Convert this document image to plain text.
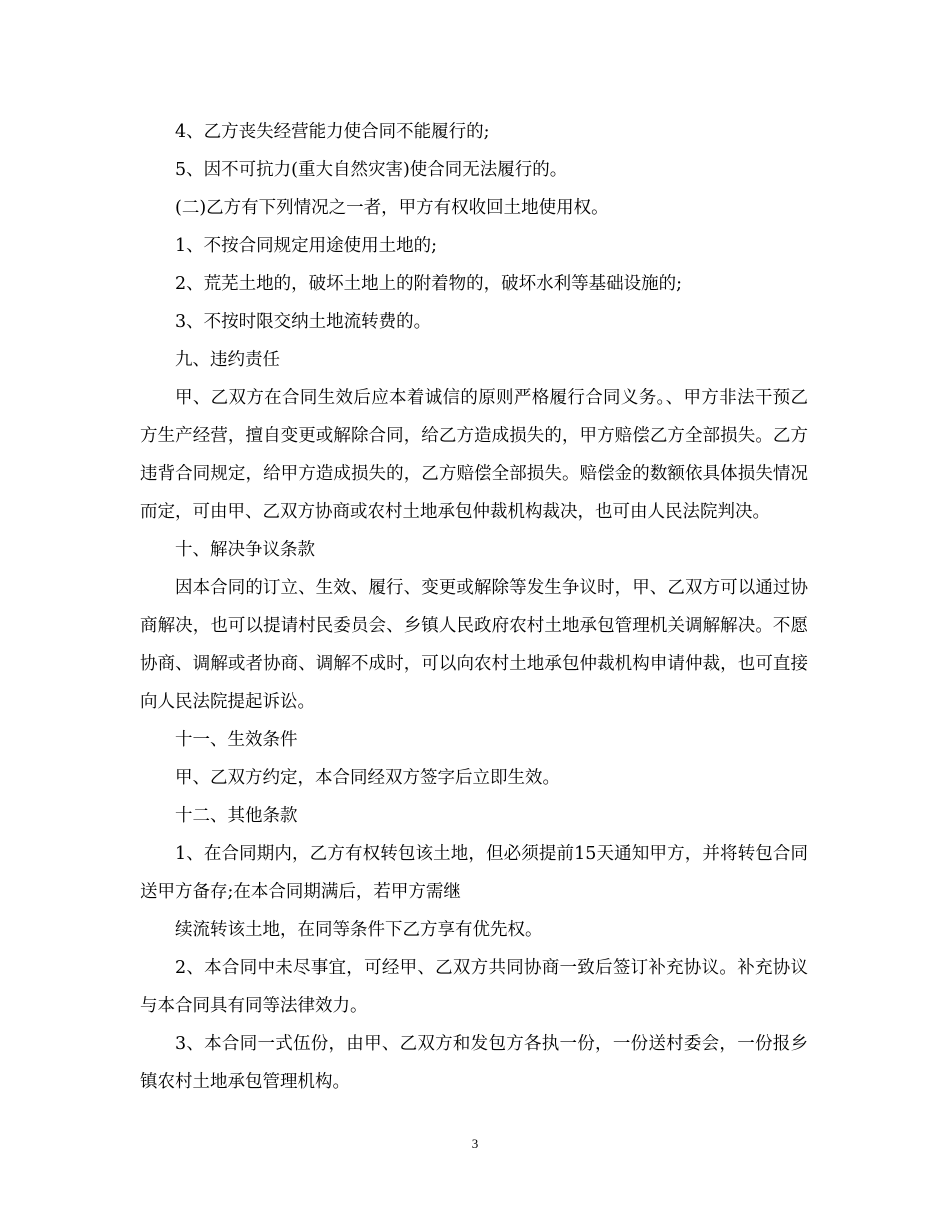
4、乙方丧失经营能力使合同不能履行的;

5、因不可抗力(重大自然灾害)使合同无法履行的。

(二)乙方有下列情况之一者，甲方有权收回土地使用权。

1、不按合同规定用途使用土地的;

2、荒芜土地的，破坏土地上的附着物的，破坏水利等基础设施的;

3、不按时限交纳土地流转费的。

九、违约责任

甲、乙双方在合同生效后应本着诚信的原则严格履行合同义务。、甲方非法干预乙方生产经营，擅自变更或解除合同，给乙方造成损失的，甲方赔偿乙方全部损失。乙方违背合同规定，给甲方造成损失的，乙方赔偿全部损失。赔偿金的数额依具体损失情况而定，可由甲、乙双方协商或农村土地承包仲裁机构裁决，也可由人民法院判决。

十、解决争议条款

因本合同的订立、生效、履行、变更或解除等发生争议时，甲、乙双方可以通过协商解决，也可以提请村民委员会、乡镇人民政府农村土地承包管理机关调解解决。不愿协商、调解或者协商、调解不成时，可以向农村土地承包仲裁机构申请仲裁，也可直接向人民法院提起诉讼。

十一、生效条件

甲、乙双方约定，本合同经双方签字后立即生效。

十二、其他条款

1、在合同期内，乙方有权转包该土地，但必须提前15天通知甲方，并将转包合同送甲方备存;在本合同期满后，若甲方需继

续流转该土地，在同等条件下乙方享有优先权。

2、本合同中未尽事宜，可经甲、乙双方共同协商一致后签订补充协议。补充协议与本合同具有同等法律效力。

3、本合同一式伍份，由甲、乙双方和发包方各执一份，一份送村委会，一份报乡镇农村土地承包管理机构。

3
